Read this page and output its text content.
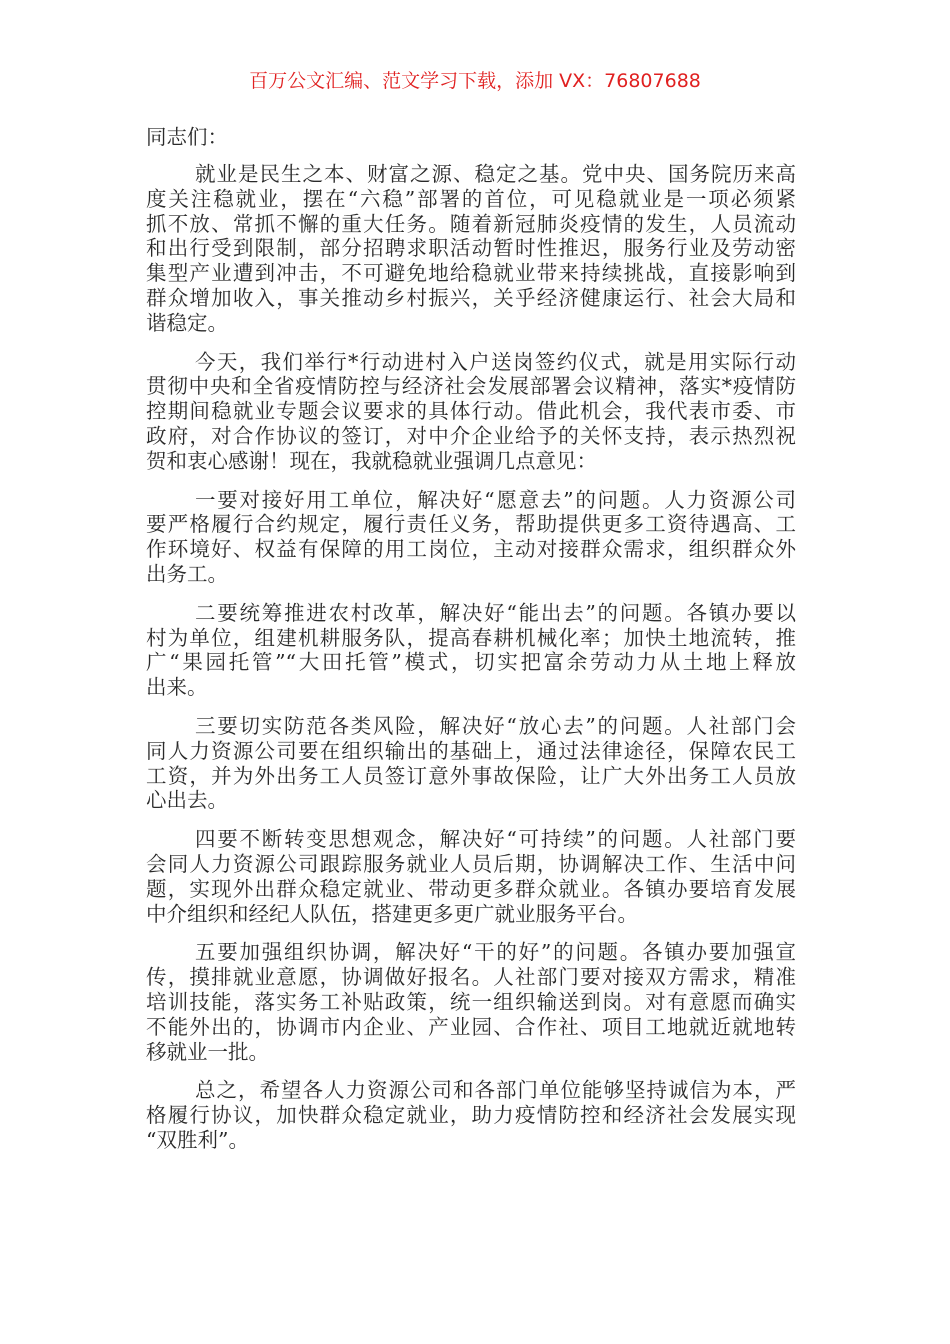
百万公文汇编、范文学习下载，添加 VX：76807688
同志们：
就业是民生之本、财富之源、稳定之基。党中央、国务院历来高
度关注稳就业，摆在“六稳”部署的首位，可见稳就业是一项必须紧
抓不放、常抓不懈的重大任务。随着新冠肺炎疫情的发生，人员流动
和出行受到限制，部分招聘求职活动暂时性推迟，服务行业及劳动密
集型产业遭到冲击，不可避免地给稳就业带来持续挑战，直接影响到
群众增加收入，事关推动乡村振兴，关乎经济健康运行、社会大局和
谐稳定。
今天，我们举行*行动进村入户送岗签约仪式，就是用实际行动
贯彻中央和全省疫情防控与经济社会发展部署会议精神，落实*疫情防
控期间稳就业专题会议要求的具体行动。借此机会，我代表市委、市
政府，对合作协议的签订，对中介企业给予的关怀支持，表示热烈祝
贺和衷心感谢！现在，我就稳就业强调几点意见：
一要对接好用工单位，解决好“愿意去”的问题。人力资源公司
要严格履行合约规定，履行责任义务，帮助提供更多工资待遇高、工
作环境好、权益有保障的用工岗位，主动对接群众需求，组织群众外
出务工。
二要统筹推进农村改革，解决好“能出去”的问题。各镇办要以
村为单位，组建机耕服务队，提高春耕机械化率；加快土地流转，推
广“果园托管”“大田托管”模式，切实把富余劳动力从土地上释放
出来。
三要切实防范各类风险，解决好“放心去”的问题。人社部门会
同人力资源公司要在组织输出的基础上，通过法律途径，保障农民工
工资，并为外出务工人员签订意外事故保险，让广大外出务工人员放
心出去。
四要不断转变思想观念，解决好“可持续”的问题。人社部门要
会同人力资源公司跟踪服务就业人员后期，协调解决工作、生活中问
题，实现外出群众稳定就业、带动更多群众就业。各镇办要培育发展
中介组织和经纪人队伍，搭建更多更广就业服务平台。
五要加强组织协调，解决好“干的好”的问题。各镇办要加强宣
传，摸排就业意愿，协调做好报名。人社部门要对接双方需求，精准
培训技能，落实务工补贴政策，统一组织输送到岗。对有意愿而确实
不能外出的，协调市内企业、产业园、合作社、项目工地就近就地转
移就业一批。
总之，希望各人力资源公司和各部门单位能够坚持诚信为本，严
格履行协议，加快群众稳定就业，助力疫情防控和经济社会发展实现
“双胜利”。
